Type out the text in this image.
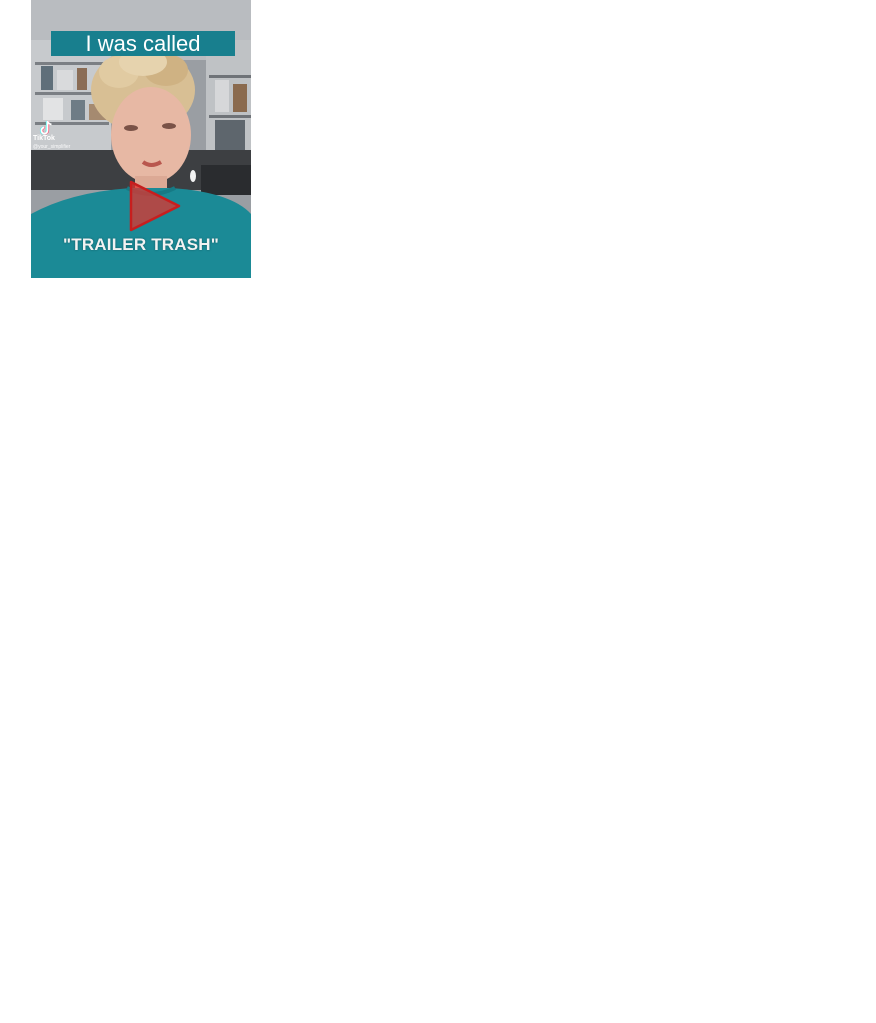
I was called
TikTok
@your_simplifier
"TRAILER TRASH"
